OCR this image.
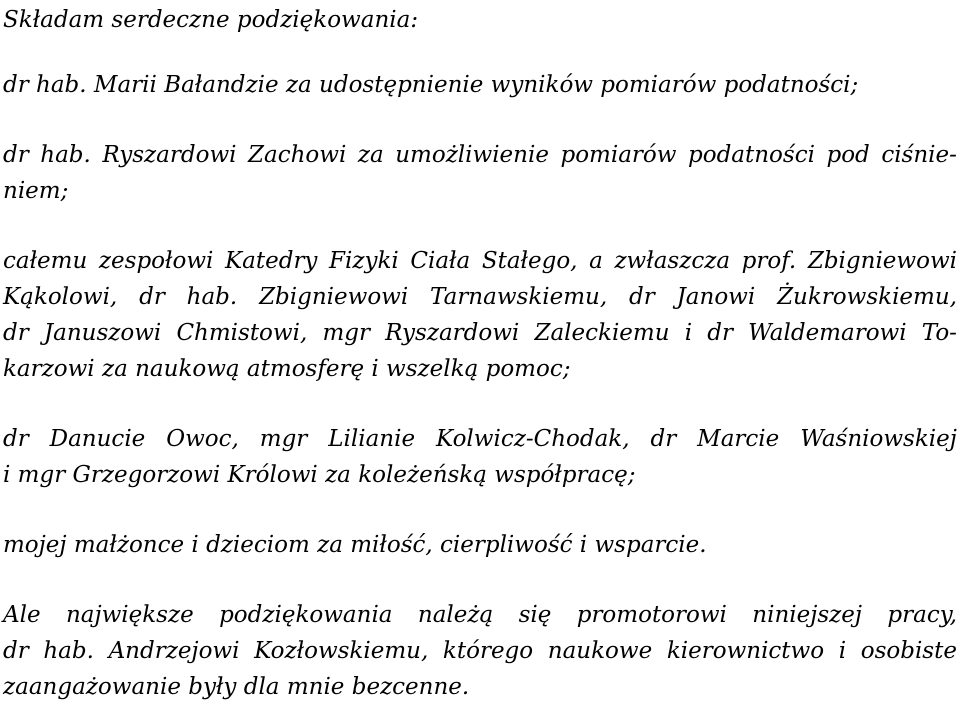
Składam serdeczne podziękowania:
dr hab. Marii Bałandzie za udostępnienie wyników pomiarów podatności;
dr hab. Ryszardowi Zachowi za umożliwienie pomiarów podatności pod ciśnie-
niem;
całemu zespołowi Katedry Fizyki Ciała Stałego, a zwłaszcza prof. Zbigniewowi
Kąkolowi, dr hab. Zbigniewowi Tarnawskiemu, dr Janowi Żukrowskiemu,
dr Januszowi Chmistowi, mgr Ryszardowi Zaleckiemu i dr Waldemarowi To-
karzowi za naukową atmosferę i wszelką pomoc;
dr Danucie Owoc, mgr Lilianie Kolwicz-Chodak, dr Marcie Waśniowskiej
i mgr Grzegorzowi Królowi za koleżeńską współpracę;
mojej małżonce i dzieciom za miłość, cierpliwość i wsparcie.
Ale największe podziękowania należą się promotorowi niniejszej pracy,
dr hab. Andrzejowi Kozłowskiemu, którego naukowe kierownictwo i osobiste
zaangażowanie były dla mnie bezcenne.
